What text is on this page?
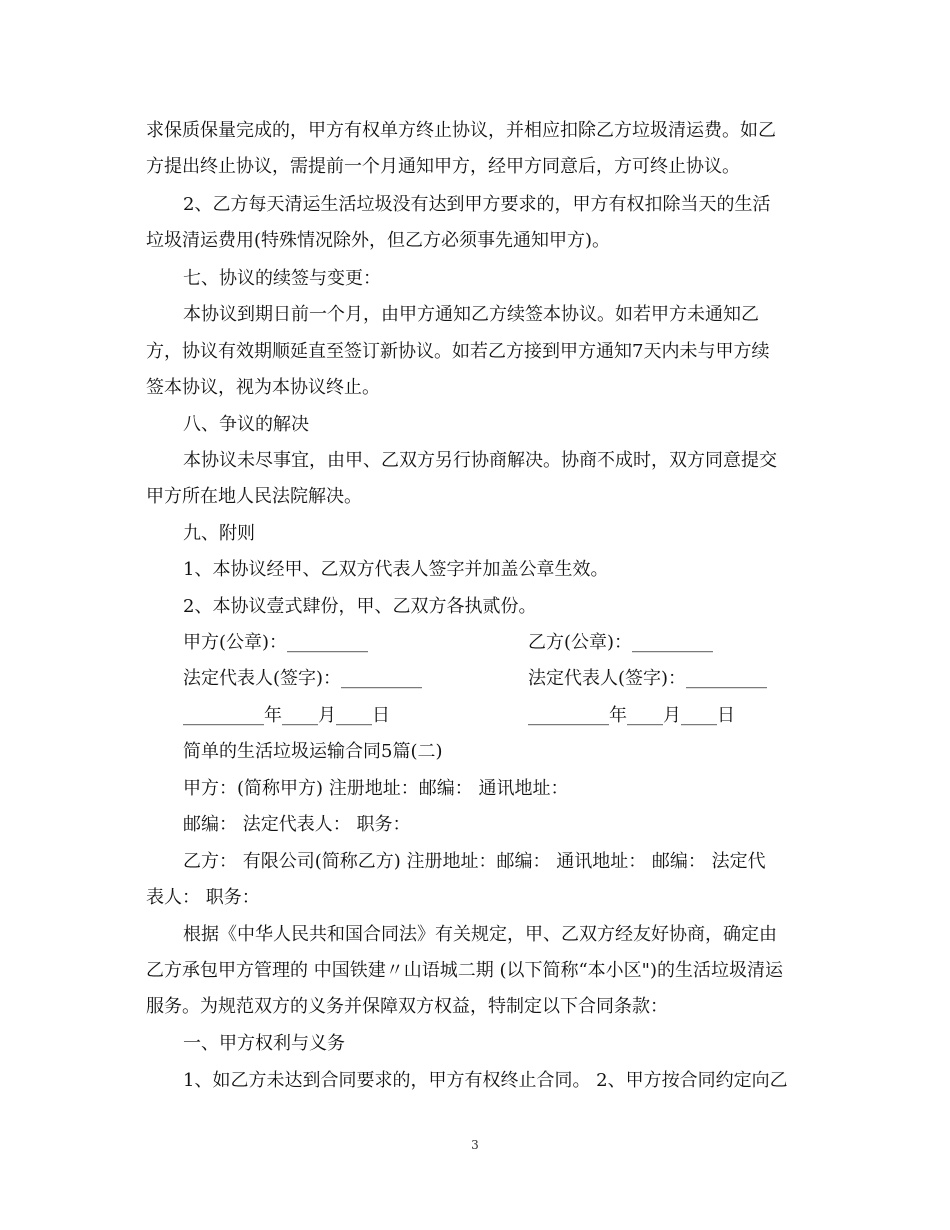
求保质保量完成的，甲方有权单方终止协议，并相应扣除乙方垃圾清运费。如乙
方提出终止协议，需提前一个月通知甲方，经甲方同意后，方可终止协议。
2、乙方每天清运生活垃圾没有达到甲方要求的，甲方有权扣除当天的生活
垃圾清运费用(特殊情况除外，但乙方必须事先通知甲方)。
七、协议的续签与变更：
本协议到期日前一个月，由甲方通知乙方续签本协议。如若甲方未通知乙
方，协议有效期顺延直至签订新协议。如若乙方接到甲方通知7天内未与甲方续
签本协议，视为本协议终止。
八、争议的解决
本协议未尽事宜，由甲、乙双方另行协商解决。协商不成时，双方同意提交
甲方所在地人民法院解决。
九、附则
1、本协议经甲、乙双方代表人签字并加盖公章生效。
2、本协议壹式肆份，甲、乙双方各执贰份。
甲方(公章)：_________	乙方(公章)：_________
法定代表人(签字)：_________	法定代表人(签字)：_________
_________年____月____日	_________年____月____日
简单的生活垃圾运输合同5篇(二)
甲方：(简称甲方) 注册地址：邮编： 通讯地址：
邮编： 法定代表人： 职务：
乙方： 有限公司(简称乙方) 注册地址：邮编： 通讯地址： 邮编： 法定代
表人： 职务：
根据《中华人民共和国合同法》有关规定，甲、乙双方经友好协商，确定由
乙方承包甲方管理的 中国铁建〃山语城二期 (以下简称“本小区")的生活垃圾清运
服务。为规范双方的义务并保障双方权益，特制定以下合同条款：
一、甲方权利与义务
1、如乙方未达到合同要求的，甲方有权终止合同。 2、甲方按合同约定向乙
3
